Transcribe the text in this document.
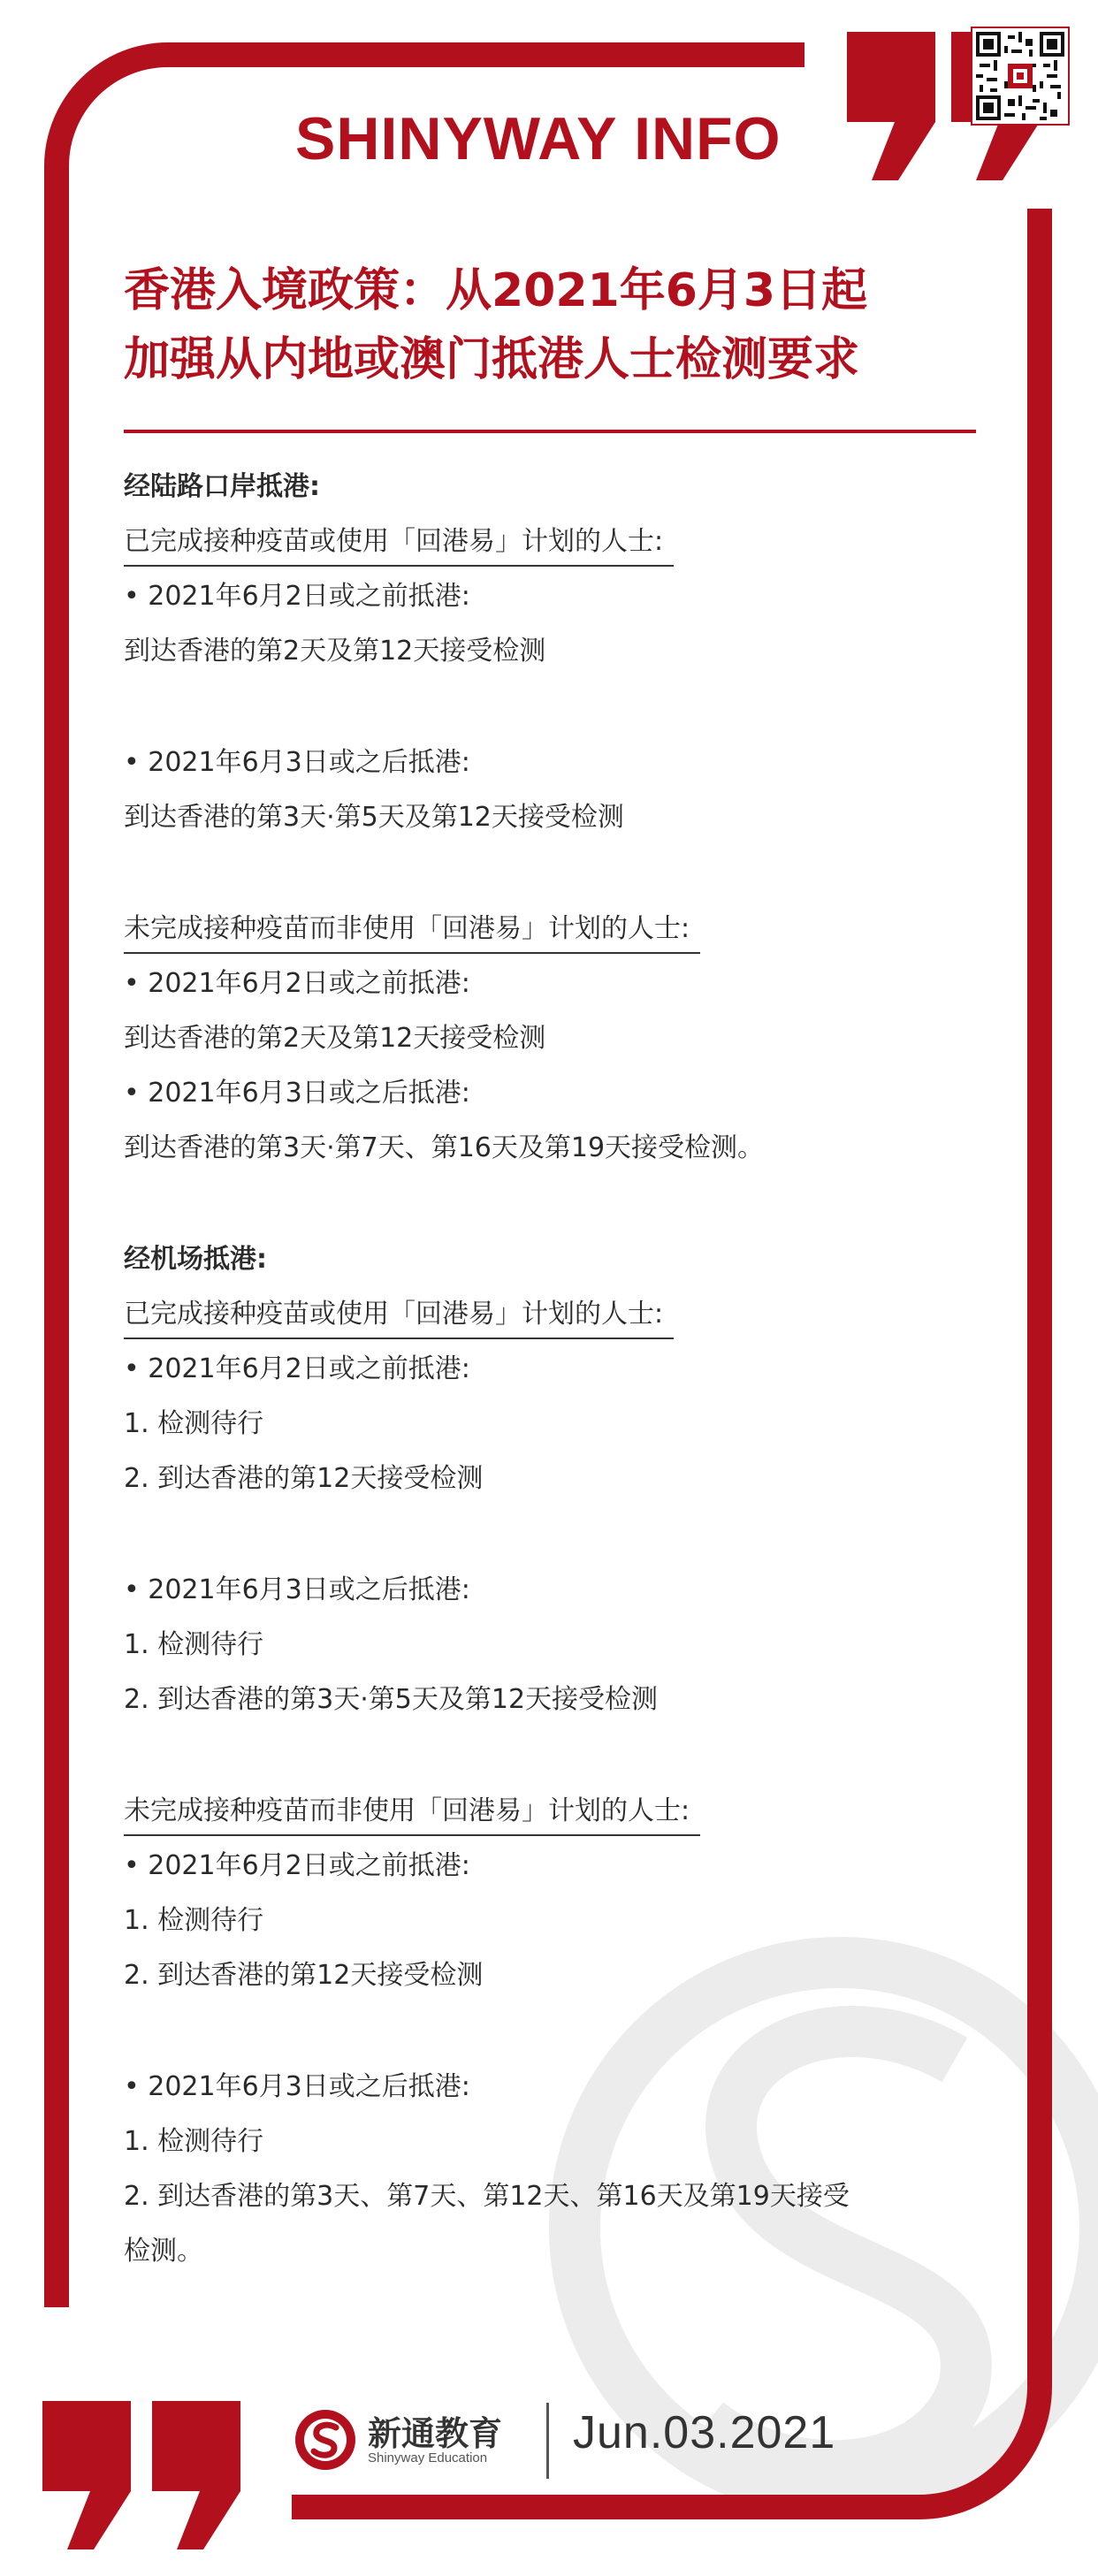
SHINYWAY INFO
香港入境政策：从2021年6月3日起
加强从内地或澳门抵港人士检测要求
经陆路口岸抵港:
已完成接种疫苗或使用「回港易」计划的人士:
• 2021年6月2日或之前抵港:
到达香港的第2天及第12天接受检测
• 2021年6月3日或之后抵港:
到达香港的第3天·第5天及第12天接受检测
未完成接种疫苗而非使用「回港易」计划的人士:
• 2021年6月2日或之前抵港:
到达香港的第2天及第12天接受检测
• 2021年6月3日或之后抵港:
到达香港的第3天·第7天、第16天及第19天接受检测。
经机场抵港:
已完成接种疫苗或使用「回港易」计划的人士:
• 2021年6月2日或之前抵港:
1. 检测待行
2. 到达香港的第12天接受检测
• 2021年6月3日或之后抵港:
1. 检测待行
2. 到达香港的第3天·第5天及第12天接受检测
未完成接种疫苗而非使用「回港易」计划的人士:
• 2021年6月2日或之前抵港:
1. 检测待行
2. 到达香港的第12天接受检测
• 2021年6月3日或之后抵港:
1. 检测待行
2. 到达香港的第3天、第7天、第12天、第16天及第19天接受
检测。
新通教育
Shinyway Education Jun.03.2021
